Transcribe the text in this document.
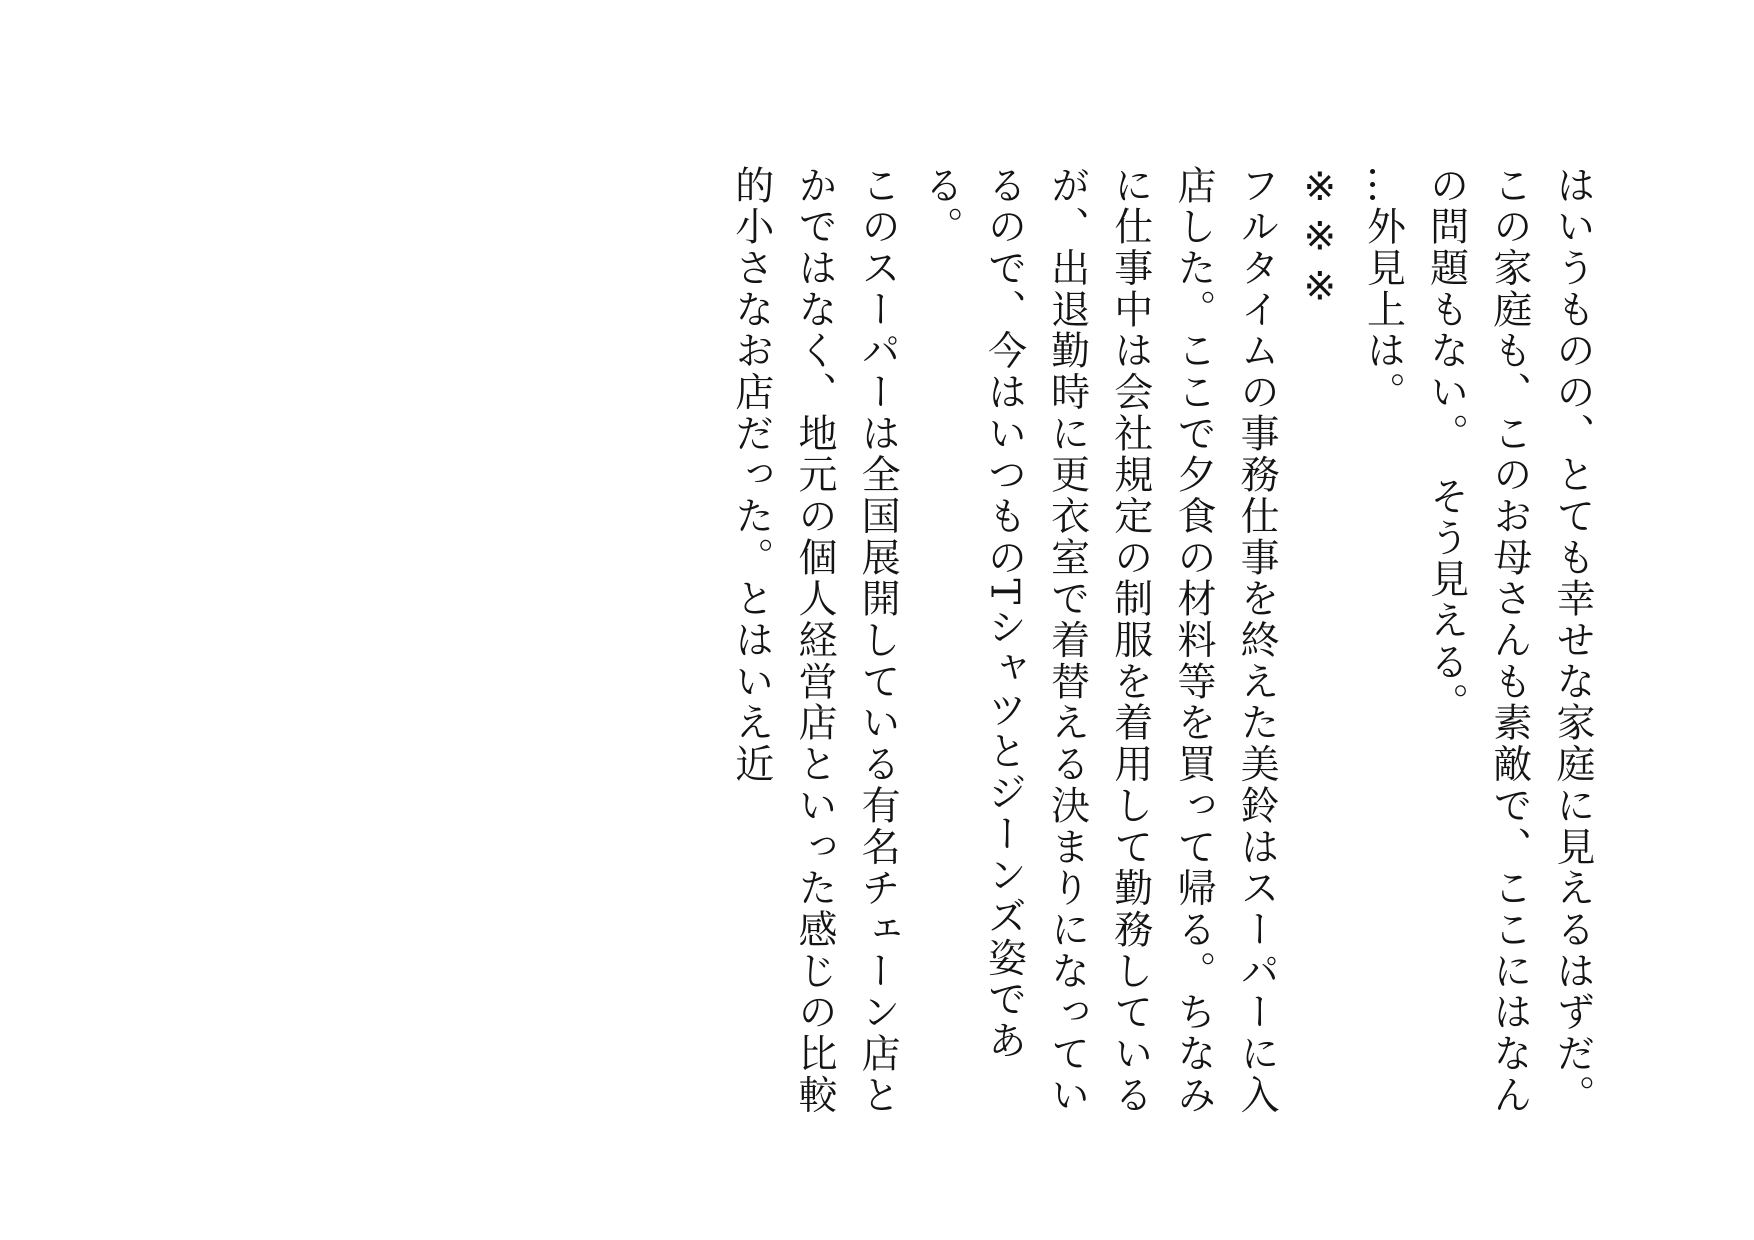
はいうものの、とても幸せな家庭に見えるはずだ。この家庭も、このお母さんも素敵で、ここにはなんの問題もない。　そう見える。

…外見上は。

※※※

フルタイムの事務仕事を終えた美鈴はスーパーに入店した。ここで夕食の材料等を買って帰る。ちなみに仕事中は会社規定の制服を着用して勤務しているが、出退勤時に更衣室で着替える決まりになっているので、今はいつものTシャツとジーンズ姿である。

このスーパーは全国展開している有名チェーン店とかではなく、地元の個人経営店といった感じの比較的小さなお店だった。とはいえ近
